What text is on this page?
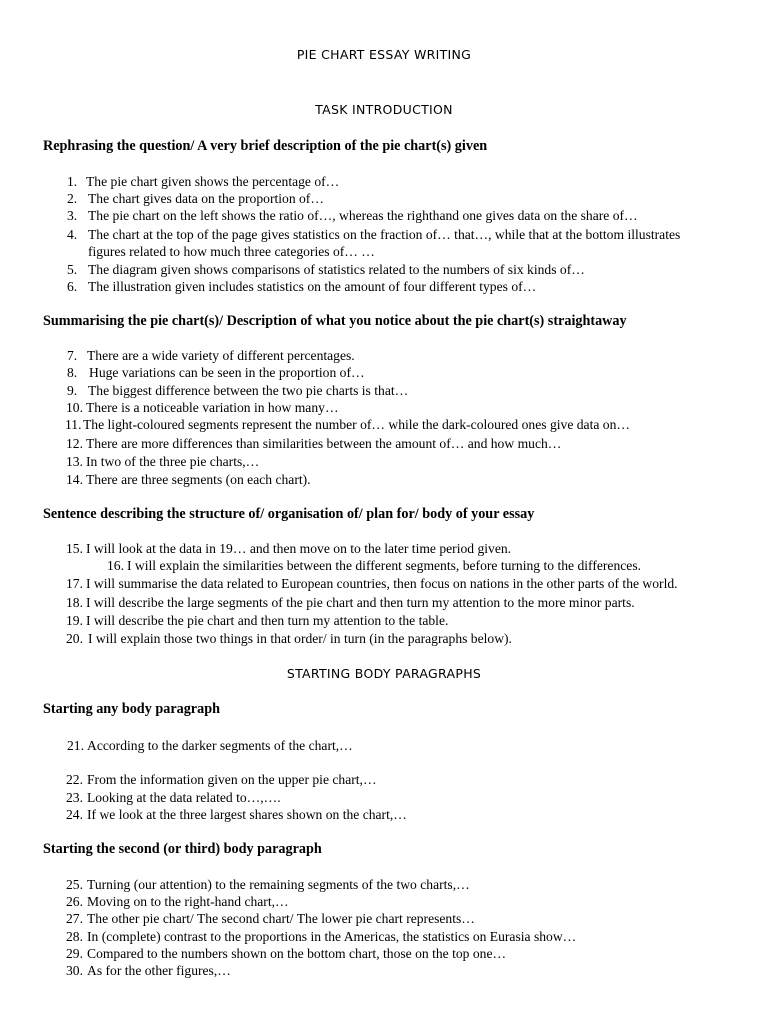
PIE CHART ESSAY WRITING
TASK INTRODUCTION
Rephrasing the question/ A very brief description of the pie chart(s) given
1. The pie chart given shows the percentage of…
2. The chart gives data on the proportion of…
3. The pie chart on the left shows the ratio of…, whereas the righthand one gives data on the share of…
4. The chart at the top of the page gives statistics on the fraction of… that…, while that at the bottom illustrates
figures related to how much three categories of… …
5. The diagram given shows comparisons of statistics related to the numbers of six kinds of…
6. The illustration given includes statistics on the amount of four different types of…
Summarising the pie chart(s)/ Description of what you notice about the pie chart(s) straightaway
7. There are a wide variety of different percentages.
8. Huge variations can be seen in the proportion of…
9. The biggest difference between the two pie charts is that…
10. There is a noticeable variation in how many…
11. The light-coloured segments represent the number of… while the dark-coloured ones give data on…
12. There are more differences than similarities between the amount of… and how much…
13. In two of the three pie charts,…
14. There are three segments (on each chart).
Sentence describing the structure of/ organisation of/ plan for/ body of your essay
15. I will look at the data in 19… and then move on to the later time period given.
16. I will explain the similarities between the different segments, before turning to the differences.
17. I will summarise the data related to European countries, then focus on nations in the other parts of the world.
18. I will describe the large segments of the pie chart and then turn my attention to the more minor parts.
19. I will describe the pie chart and then turn my attention to the table.
20. I will explain those two things in that order/ in turn (in the paragraphs below).
STARTING BODY PARAGRAPHS
Starting any body paragraph
21. According to the darker segments of the chart,…
22. From the information given on the upper pie chart,…
23. Looking at the data related to…,….
24. If we look at the three largest shares shown on the chart,…
Starting the second (or third) body paragraph
25. Turning (our attention) to the remaining segments of the two charts,…
26. Moving on to the right-hand chart,…
27. The other pie chart/ The second chart/ The lower pie chart represents…
28. In (complete) contrast to the proportions in the Americas, the statistics on Eurasia show…
29. Compared to the numbers shown on the bottom chart, those on the top one…
30. As for the other figures,…
